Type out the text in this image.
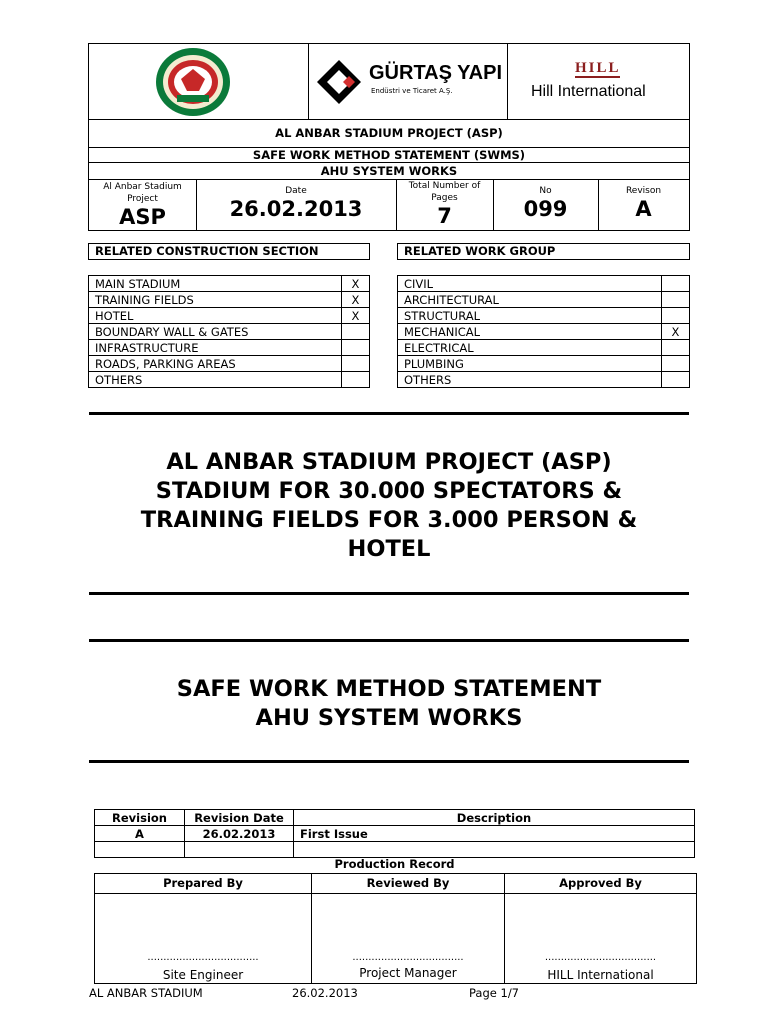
GÜRTAŞ YAPI
Endüstri ve Ticaret A.Ş.
HILL
Hill International
AL ANBAR STADIUM PROJECT (ASP)
SAFE WORK METHOD STATEMENT (SWMS)
AHU SYSTEM WORKS
Al Anbar Stadium Project
ASP
Date
26.02.2013
Total Number of Pages
7
No
099
Revison
A
RELATED CONSTRUCTION SECTION	RELATED WORK GROUP
MAIN STADIUM	X
TRAINING FIELDS	X
HOTEL	X
BOUNDARY WALL & GATES	
INFRASTRUCTURE	
ROADS, PARKING AREAS	
OTHERS	
CIVIL	
ARCHITECTURAL	
STRUCTURAL	
MECHANICAL	X
ELECTRICAL	
PLUMBING	
OTHERS	
AL ANBAR STADIUM PROJECT (ASP)
STADIUM FOR 30.000 SPECTATORS &
TRAINING FIELDS FOR 3.000 PERSON &
HOTEL
SAFE WORK METHOD STATEMENT
AHU SYSTEM WORKS
Revision	Revision Date	Description
A	26.02.2013	First Issue

Production Record
Prepared By	Reviewed By	Approved By
...................................	...................................	...................................
Site Engineer	Project Manager	HILL International
AL ANBAR STADIUM	26.02.2013	Page 1/7
